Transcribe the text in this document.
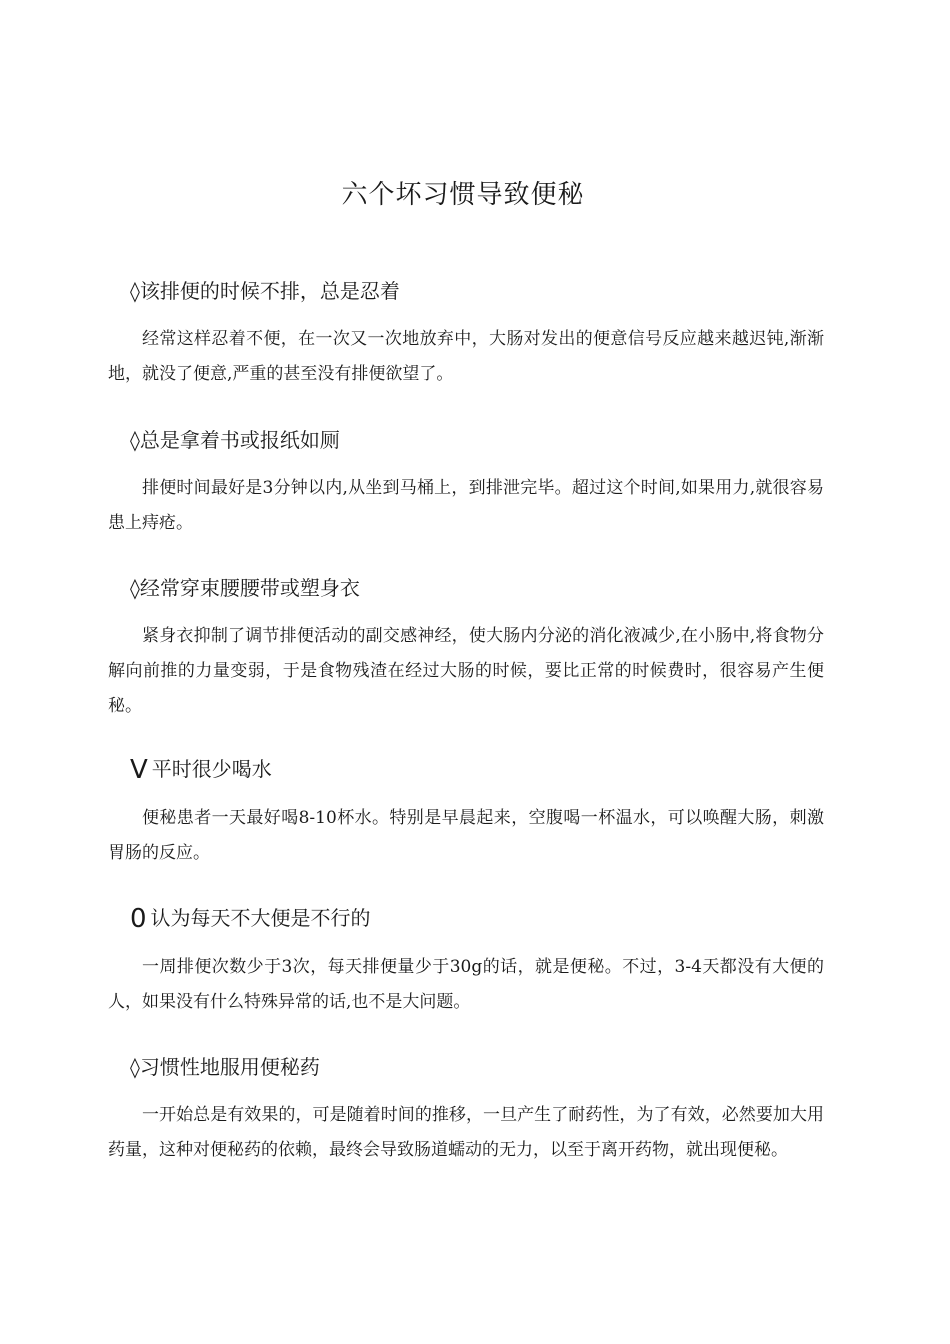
六个坏习惯导致便秘
◊该排便的时候不排，总是忍着

经常这样忍着不便，在一次又一次地放弃中，大肠对发出的便意信号反应越来越迟钝,渐渐地，就没了便意,严重的甚至没有排便欲望了。

◊总是拿着书或报纸如厕

排便时间最好是3分钟以内,从坐到马桶上，到排泄完毕。超过这个时间,如果用力,就很容易患上痔疮。

◊经常穿束腰腰带或塑身衣

紧身衣抑制了调节排便活动的副交感神经，使大肠内分泌的消化液减少,在小肠中,将食物分解向前推的力量变弱，于是食物残渣在经过大肠的时候，要比正常的时候费时，很容易产生便秘。

V 平时很少喝水

便秘患者一天最好喝8-10杯水。特别是早晨起来，空腹喝一杯温水，可以唤醒大肠，刺激胃肠的反应。

0 认为每天不大便是不行的

一周排便次数少于3次，每天排便量少于30g的话，就是便秘。不过，3-4天都没有大便的人，如果没有什么特殊异常的话,也不是大问题。

◊习惯性地服用便秘药

一开始总是有效果的，可是随着时间的推移，一旦产生了耐药性，为了有效，必然要加大用药量，这种对便秘药的依赖，最终会导致肠道蠕动的无力，以至于离开药物，就出现便秘。
